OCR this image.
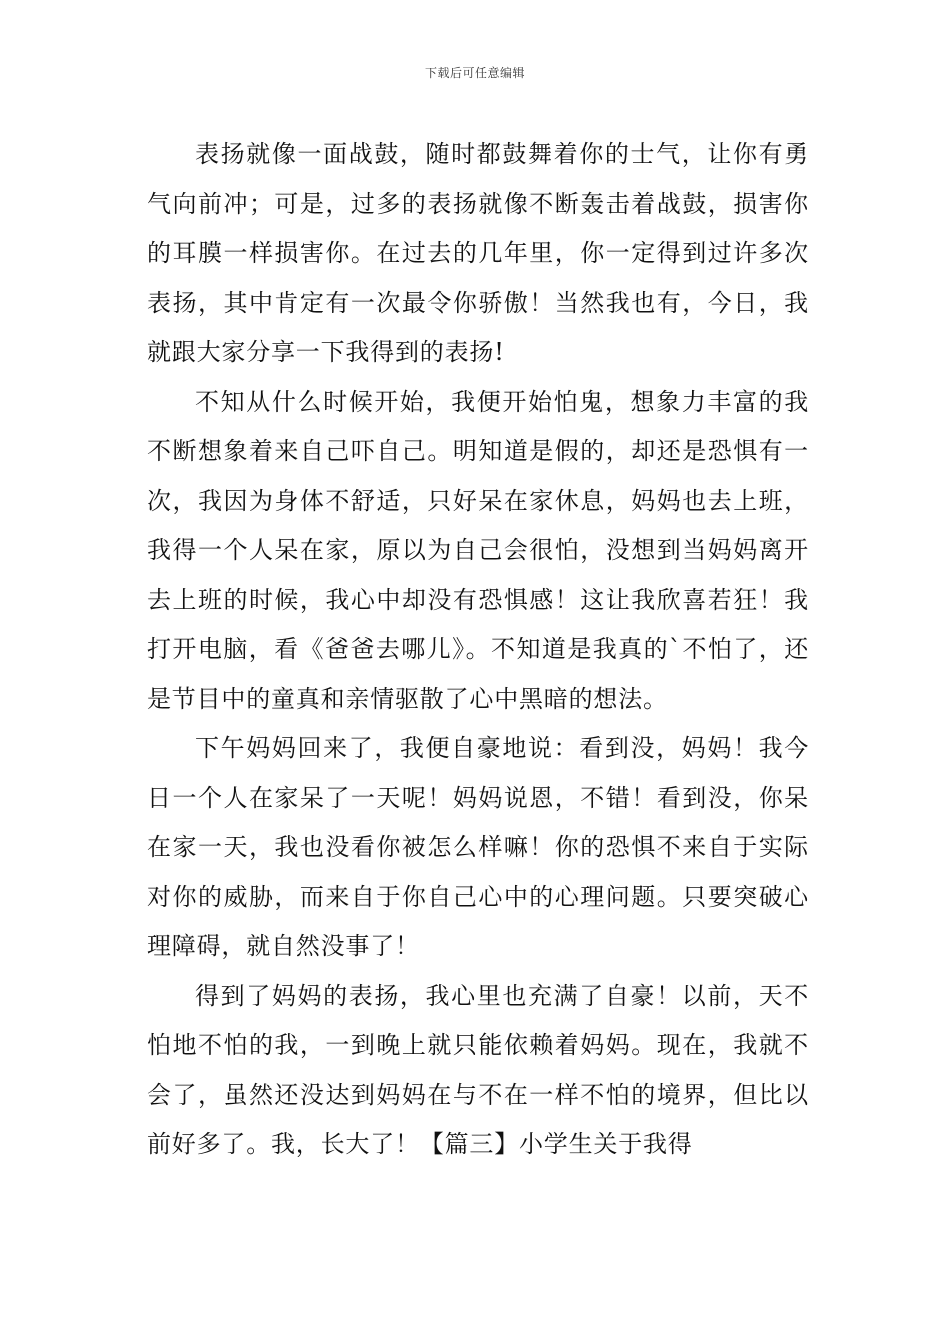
下载后可任意编辑

表扬就像一面战鼓，随时都鼓舞着你的士气，让你有勇气向前冲；可是，过多的表扬就像不断轰击着战鼓，损害你的耳膜一样损害你。在过去的几年里，你一定得到过许多次表扬，其中肯定有一次最令你骄傲！当然我也有，今日，我就跟大家分享一下我得到的表扬!

不知从什么时候开始，我便开始怕鬼，想象力丰富的我不断想象着来自己吓自己。明知道是假的，却还是恐惧有一次，我因为身体不舒适，只好呆在家休息，妈妈也去上班，我得一个人呆在家，原以为自己会很怕，没想到当妈妈离开去上班的时候，我心中却没有恐惧感！这让我欣喜若狂！我打开电脑，看《爸爸去哪儿》。不知道是我真的`不怕了，还是节目中的童真和亲情驱散了心中黑暗的想法。

下午妈妈回来了，我便自豪地说：看到没，妈妈！我今日一个人在家呆了一天呢！妈妈说恩，不错！看到没，你呆在家一天，我也没看你被怎么样嘛！你的恐惧不来自于实际对你的威胁，而来自于你自己心中的心理问题。只要突破心理障碍，就自然没事了！

得到了妈妈的表扬，我心里也充满了自豪！以前，天不怕地不怕的我，一到晚上就只能依赖着妈妈。现在，我就不会了，虽然还没达到妈妈在与不在一样不怕的境界，但比以前好多了。我，长大了！【篇三】小学生关于我得
